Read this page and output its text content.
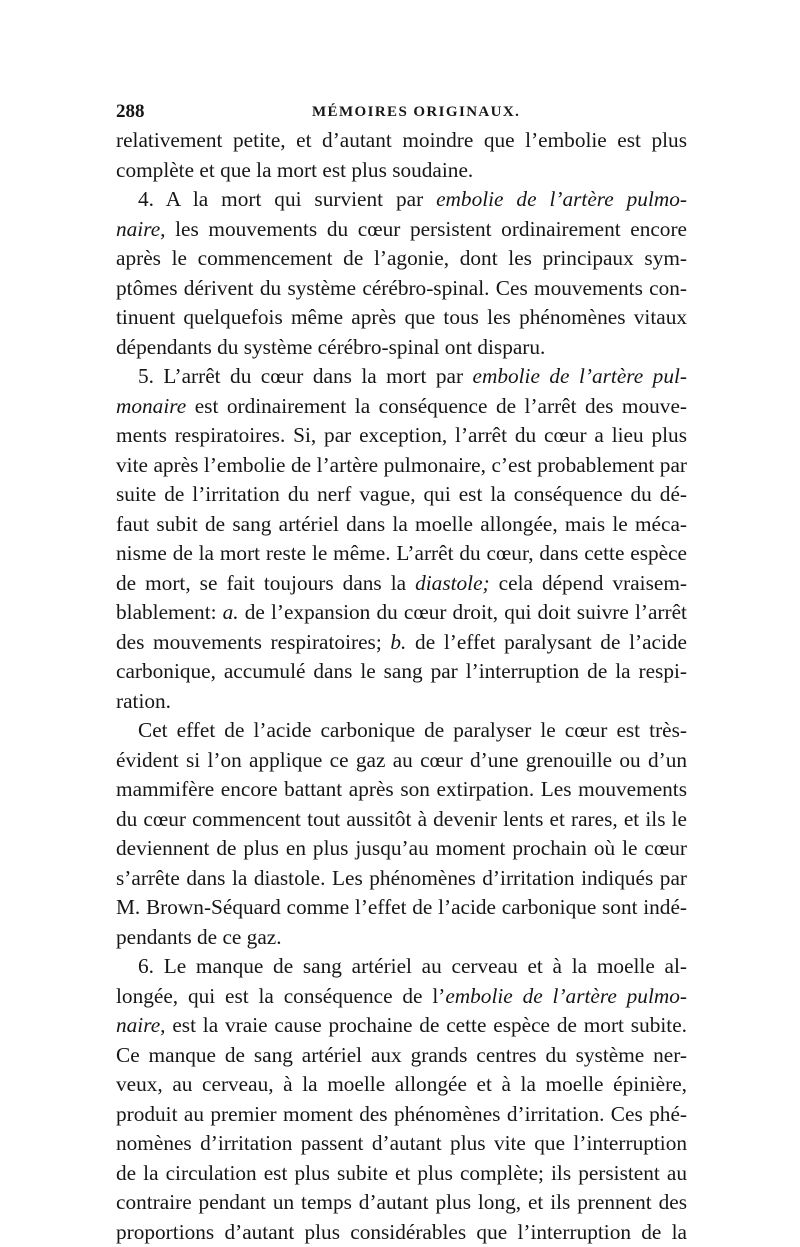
288	MÉMOIRES ORIGINAUX.
relativement petite, et d’autant moindre que l’embolie est plus
complète et que la mort est plus soudaine.
4. A la mort qui survient par embolie de l’artère pulmo-
naire, les mouvements du cœur persistent ordinairement encore
après le commencement de l’agonie, dont les principaux sym-
ptômes dérivent du système cérébro-spinal. Ces mouvements con-
tinuent quelquefois même après que tous les phénomènes vitaux
dépendants du système cérébro-spinal ont disparu.
5. L’arrêt du cœur dans la mort par embolie de l’artère pul-
monaire est ordinairement la conséquence de l’arrêt des mouve-
ments respiratoires. Si, par exception, l’arrêt du cœur a lieu plus
vite après l’embolie de l’artère pulmonaire, c’est probablement par
suite de l’irritation du nerf vague, qui est la conséquence du dé-
faut subit de sang artériel dans la moelle allongée, mais le méca-
nisme de la mort reste le même. L’arrêt du cœur, dans cette espèce
de mort, se fait toujours dans la diastole; cela dépend vraisem-
blablement: a. de l’expansion du cœur droit, qui doit suivre l’arrêt
des mouvements respiratoires; b. de l’effet paralysant de l’acide
carbonique, accumulé dans le sang par l’interruption de la respi-
ration.
Cet effet de l’acide carbonique de paralyser le cœur est très-
évident si l’on applique ce gaz au cœur d’une grenouille ou d’un
mammifère encore battant après son extirpation. Les mouvements
du cœur commencent tout aussitôt à devenir lents et rares, et ils le
deviennent de plus en plus jusqu’au moment prochain où le cœur
s’arrête dans la diastole. Les phénomènes d’irritation indiqués par
M. Brown-Séquard comme l’effet de l’acide carbonique sont indé-
pendants de ce gaz.
6. Le manque de sang artériel au cerveau et à la moelle al-
longée, qui est la conséquence de l’embolie de l’artère pulmo-
naire, est la vraie cause prochaine de cette espèce de mort subite.
Ce manque de sang artériel aux grands centres du système ner-
veux, au cerveau, à la moelle allongée et à la moelle épinière,
produit au premier moment des phénomènes d’irritation. Ces phé-
nomènes d’irritation passent d’autant plus vite que l’interruption
de la circulation est plus subite et plus complète; ils persistent au
contraire pendant un temps d’autant plus long, et ils prennent des
proportions d’autant plus considérables que l’interruption de la
